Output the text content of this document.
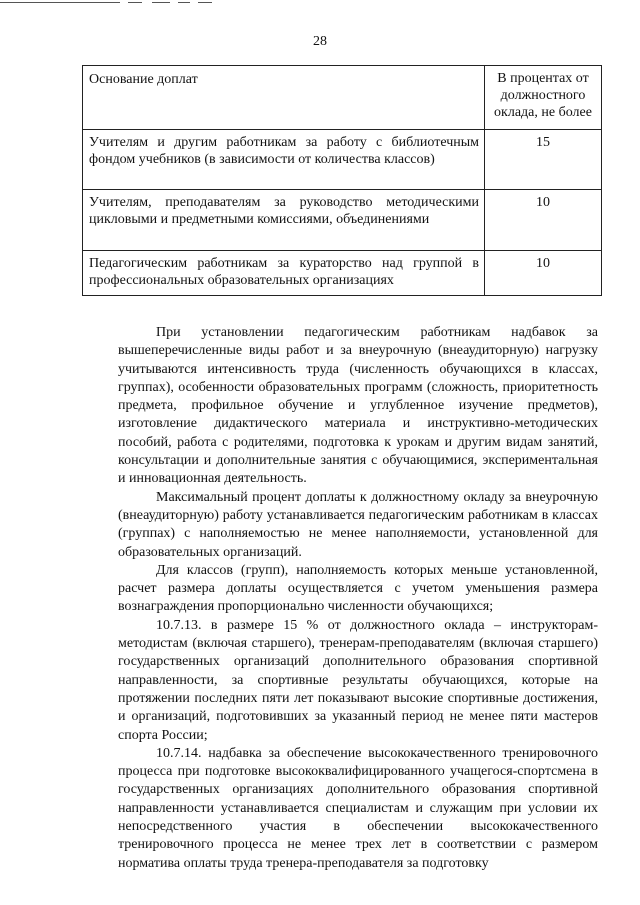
28
Основание доплат	В процентах от должностного оклада, не более
Учителям и другим работникам за работу с библиотечным фондом учебников (в зависимости от количества классов)	15
Учителям, преподавателям за руководство методическими цикловыми и предметными комиссиями, объединениями	10
Педагогическим работникам за кураторство над группой в профессиональных образовательных организациях	10

При установлении педагогическим работникам надбавок за вышеперечисленные виды работ и за внеурочную (внеаудиторную) нагрузку учитываются интенсивность труда (численность обучающихся в классах, группах), особенности образовательных программ (сложность, приоритетность предмета, профильное обучение и углубленное изучение предметов), изготовление дидактического материала и инструктивно-методических пособий, работа с родителями, подготовка к урокам и другим видам занятий, консультации и дополнительные занятия с обучающимися, экспериментальная и инновационная деятельность.

Максимальный процент доплаты к должностному окладу за внеурочную (внеаудиторную) работу устанавливается педагогическим работникам в классах (группах) с наполняемостью не менее наполняемости, установленной для образовательных организаций.

Для классов (групп), наполняемость которых меньше установленной, расчет размера доплаты осуществляется с учетом уменьшения размера вознаграждения пропорционально численности обучающихся;

10.7.13. в размере 15 % от должностного оклада – инструкторам-методистам (включая старшего), тренерам-преподавателям (включая старшего) государственных организаций дополнительного образования спортивной направленности, за спортивные результаты обучающихся, которые на протяжении последних пяти лет показывают высокие спортивные достижения, и организаций, подготовивших за указанный период не менее пяти мастеров спорта России;

10.7.14. надбавка за обеспечение высококачественного тренировочного процесса при подготовке высококвалифицированного учащегося-спортсмена в государственных организациях дополнительного образования спортивной направленности устанавливается специалистам и служащим при условии их непосредственного участия в обеспечении высококачественного тренировочного процесса не менее трех лет в соответствии с размером норматива оплаты труда тренера-преподавателя за подготовку
